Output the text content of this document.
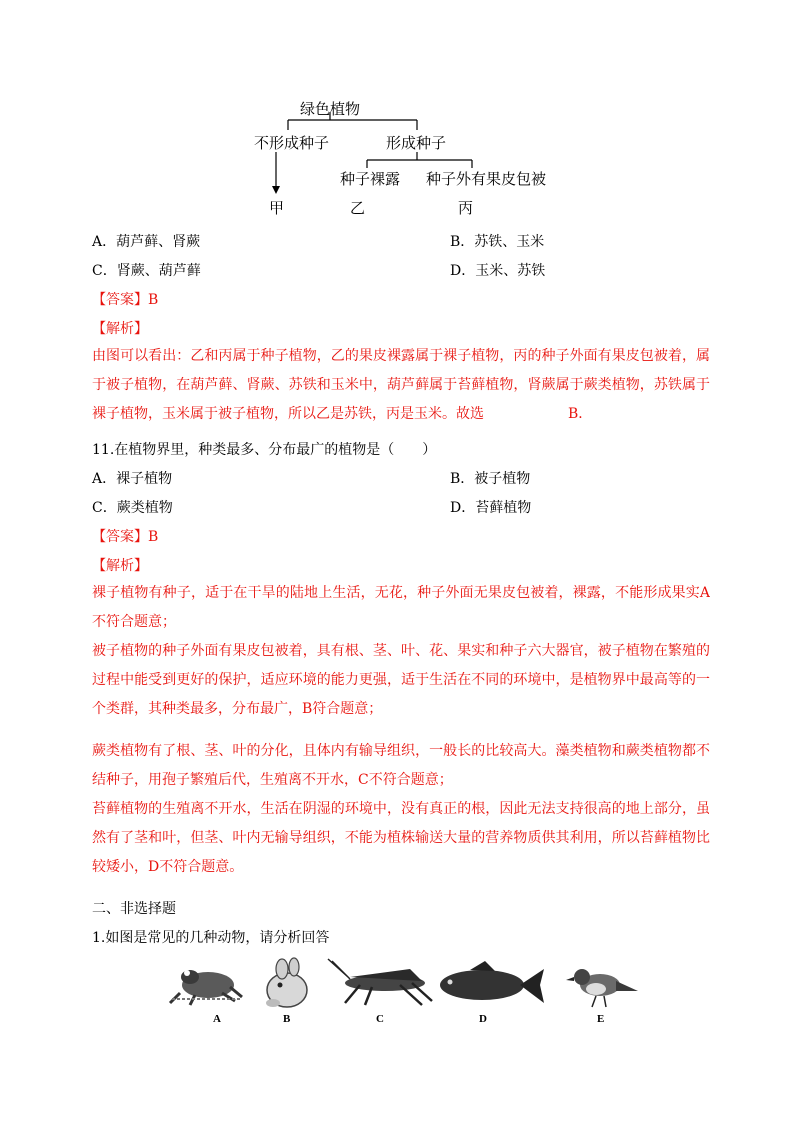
绿色植物
不形成种子	形成种子
种子裸露 种子外有果皮包被
甲	乙	丙
A．葫芦藓、肾蕨	B．苏铁、玉米
C．肾蕨、葫芦藓	D．玉米、苏铁
【答案】B
【解析】
由图可以看出：乙和丙属于种子植物，乙的果皮裸露属于裸子植物，丙的种子外面有果皮包被着，属于被子植物，在葫芦藓、肾蕨、苏铁和玉米中，葫芦藓属于苔藓植物，肾蕨属于蕨类植物，苏铁属于裸子植物，玉米属于被子植物，所以乙是苏铁，丙是玉米。故选	B．
11.在植物界里，种类最多、分布最广的植物是（　　）
A．裸子植物	B．被子植物
C．蕨类植物	D．苔藓植物
【答案】B
【解析】
裸子植物有种子，适于在干旱的陆地上生活，无花，种子外面无果皮包被着，裸露，不能形成果实A不符合题意；
被子植物的种子外面有果皮包被着，具有根、茎、叶、花、果实和种子六大器官，被子植物在繁殖的过程中能受到更好的保护，适应环境的能力更强，适于生活在不同的环境中，是植物界中最高等的一个类群，其种类最多，分布最广，B符合题意；
蕨类植物有了根、茎、叶的分化，且体内有输导组织，一般长的比较高大。藻类植物和蕨类植物都不结种子，用孢子繁殖后代，生殖离不开水，C不符合题意；
苔藓植物的生殖离不开水，生活在阴湿的环境中，没有真正的根，因此无法支持很高的地上部分，虽然有了茎和叶，但茎、叶内无输导组织，不能为植株输送大量的营养物质供其利用，所以苔藓植物比较矮小，D不符合题意。
二、非选择题
1.如图是常见的几种动物，请分析回答
A	B	C	D	E
